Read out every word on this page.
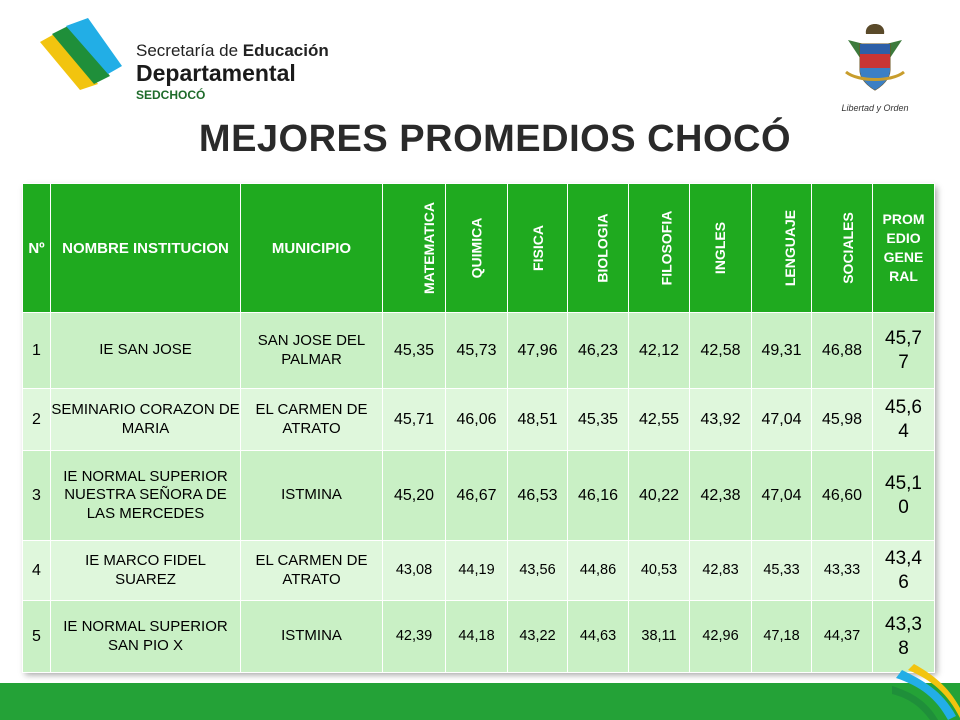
Secretaría de Educación
Departamental
SEDCHOCÓ
Libertad y Orden
MEJORES PROMEDIOS CHOCÓ
Nº	NOMBRE INSTITUCION	MUNICIPIO	MATEMATICA	QUIMICA	FISICA	BIOLOGIA	FILOSOFIA	INGLES	LENGUAJE	SOCIALES	PROM EDIO GENE RAL
1	IE SAN JOSE	SAN JOSE DEL PALMAR	45,35	45,73	47,96	46,23	42,12	42,58	49,31	46,88	45,77
2	SEMINARIO CORAZON DE MARIA	EL CARMEN DE ATRATO	45,71	46,06	48,51	45,35	42,55	43,92	47,04	45,98	45,64
3	IE NORMAL SUPERIOR NUESTRA SEÑORA DE LAS MERCEDES	ISTMINA	45,20	46,67	46,53	46,16	40,22	42,38	47,04	46,60	45,10
4	IE MARCO FIDEL SUAREZ	EL CARMEN DE ATRATO	43,08	44,19	43,56	44,86	40,53	42,83	45,33	43,33	43,46
5	IE NORMAL SUPERIOR SAN PIO X	ISTMINA	42,39	44,18	43,22	44,63	38,11	42,96	47,18	44,37	43,38
